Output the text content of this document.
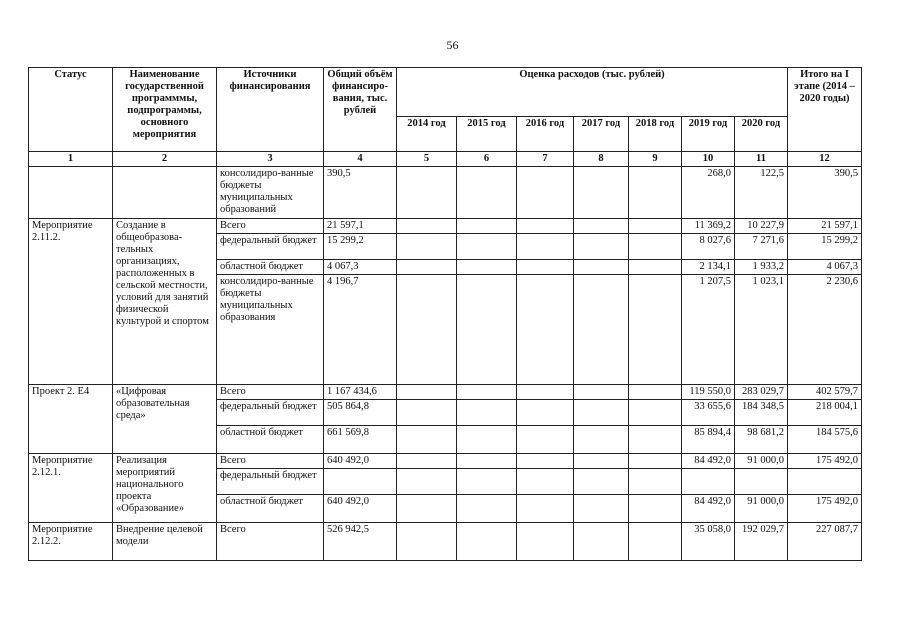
56
Статус	Наименование государственной программмы, подпрограммы, основного мероприятия	Источники финансирования	Общий объём финансиро-вания, тыс. рублей	Оценка расходов (тыс. рублей)							Итого на I этапе (2014 – 2020 годы)
				2014 год	2015 год	2016 год	2017 год	2018 год	2019 год	2020 год	
1	2	3	4	5	6	7	8	9	10	11	12
		консолидиро-ванные бюджеты муниципальных образований	390,5						268,0	122,5	390,5
Мероприятие 2.11.2.	Создание в общеобразова-тельных организациях, расположенных в сельской местности, условий для занятий физической культурой и спортом	Всего	21 597,1						11 369,2	10 227,9	21 597,1
		федеральный бюджет	15 299,2						8 027,6	7 271,6	15 299,2
		областной бюджет	4 067,3						2 134,1	1 933,2	4 067,3
		консолидиро-ванные бюджеты муниципальных образования	4 196,7						1 207,5	1 023,1	2 230,6
Проект 2. Е4	«Цифровая образовательная среда»	Всего	1 167 434,6						119 550,0	283 029,7	402 579,7
		федеральный бюджет	505 864,8						33 655,6	184 348,5	218 004,1
		областной бюджет	661 569,8						85 894,4	98 681,2	184 575,6
Мероприятие 2.12.1.	Реализация мероприятий национального проекта «Образование»	Всего	640 492,0						84 492,0	91 000,0	175 492,0
		федеральный бюджет									
		областной бюджет	640 492,0						84 492,0	91 000,0	175 492,0
Мероприятие 2.12.2.	Внедрение целевой модели	Всего	526 942,5						35 058,0	192 029,7	227 087,7
